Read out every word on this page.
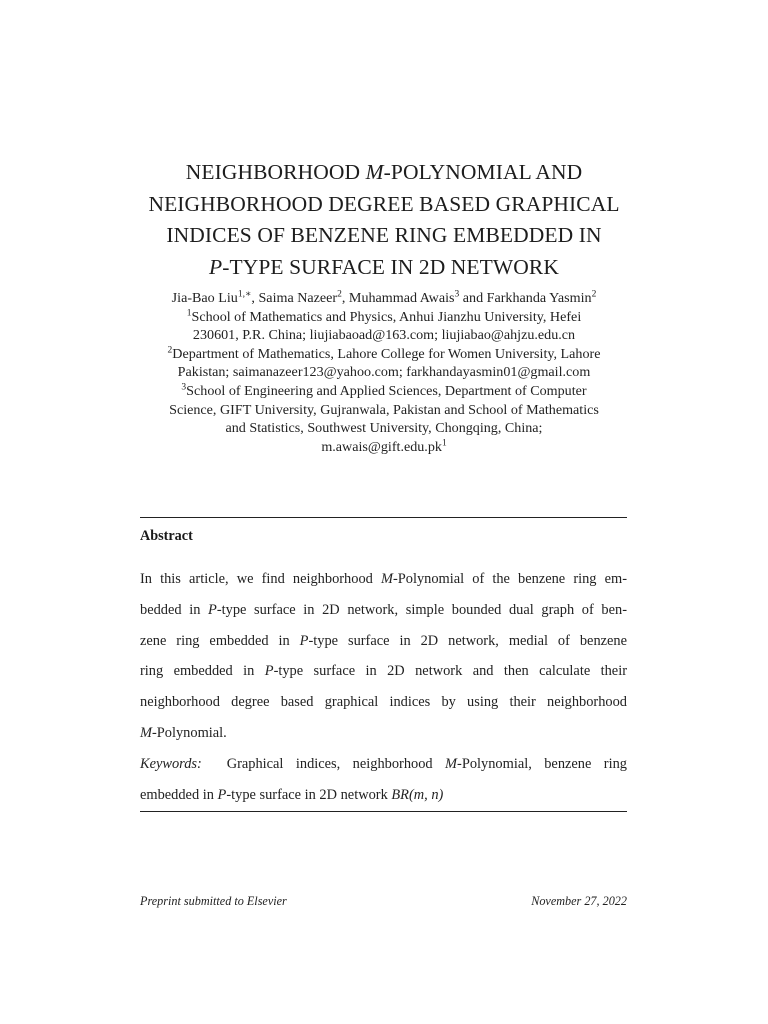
NEIGHBORHOOD M-POLYNOMIAL AND
NEIGHBORHOOD DEGREE BASED GRAPHICAL
INDICES OF BENZENE RING EMBEDDED IN
P-TYPE SURFACE IN 2D NETWORK
Jia-Bao Liu$^{1,∗}$, Saima Nazeer$^2$, Muhammad Awais$^3$ and Farkhanda Yasmin$^2$
$^1$School of Mathematics and Physics, Anhui Jianzhu University, Hefei
230601, P.R. China; liujiabaoad@163.com; liujiabao@ahjzu.edu.cn
$^2$Department of Mathematics, Lahore College for Women University, Lahore
Pakistan; saimanazeer123@yahoo.com; farkhandayasmin01@gmail.com
$^3$School of Engineering and Applied Sciences, Department of Computer
Science, GIFT University, Gujranwala, Pakistan and School of Mathematics
and Statistics, Southwest University, Chongqing, China;
$m.awais@gift.edu.pk^1$
Abstract
In this article, we find neighborhood M-Polynomial of the benzene ring em-
bedded in P-type surface in 2D network, simple bounded dual graph of ben-
zene ring embedded in P-type surface in 2D network, medial of benzene
ring embedded in P-type surface in 2D network and then calculate their
neighborhood degree based graphical indices by using their neighborhood
M-Polynomial.
Keywords:  Graphical indices, neighborhood M-Polynomial, benzene ring
embedded in P-type surface in 2D network BR(m, n)
Preprint submitted to Elsevier	November 27, 2022
